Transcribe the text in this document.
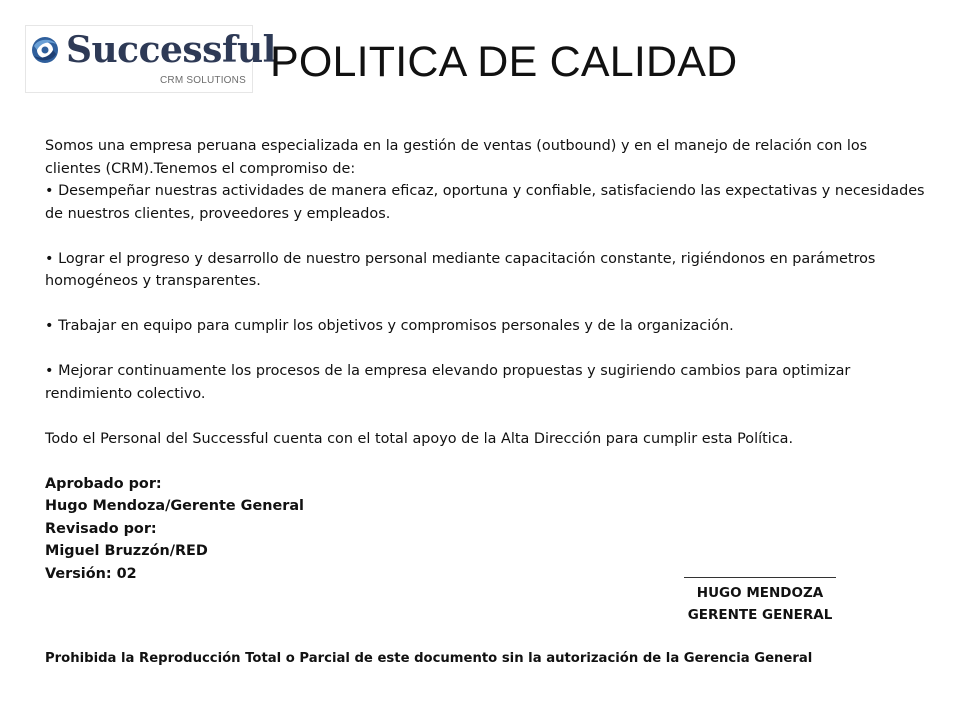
Successful
CRM SOLUTIONS POLITICA DE CALIDAD

Somos una empresa peruana especializada en la gestión de ventas (outbound) y en el manejo de relación con los clientes (CRM).Tenemos el compromiso de:

• Desempeñar nuestras actividades de manera eficaz, oportuna y confiable, satisfaciendo las expectativas y necesidades de nuestros clientes, proveedores y empleados.

• Lograr el progreso y desarrollo de nuestro personal mediante capacitación constante, rigiéndonos en parámetros homogéneos y transparentes.

• Trabajar en equipo para cumplir los objetivos y compromisos personales y de la organización.

• Mejorar continuamente los procesos de la empresa elevando propuestas y sugiriendo cambios para optimizar rendimiento colectivo.

Todo el Personal del Successful cuenta con el total apoyo de la Alta Dirección para cumplir esta Política.

Aprobado por:

Hugo Mendoza/Gerente General

Revisado por:

Miguel Bruzzón/RED

Versión: 02

HUGO MENDOZA
GERENTE GENERAL
Prohibida la Reproducción Total o Parcial de este documento sin la autorización de la Gerencia General
